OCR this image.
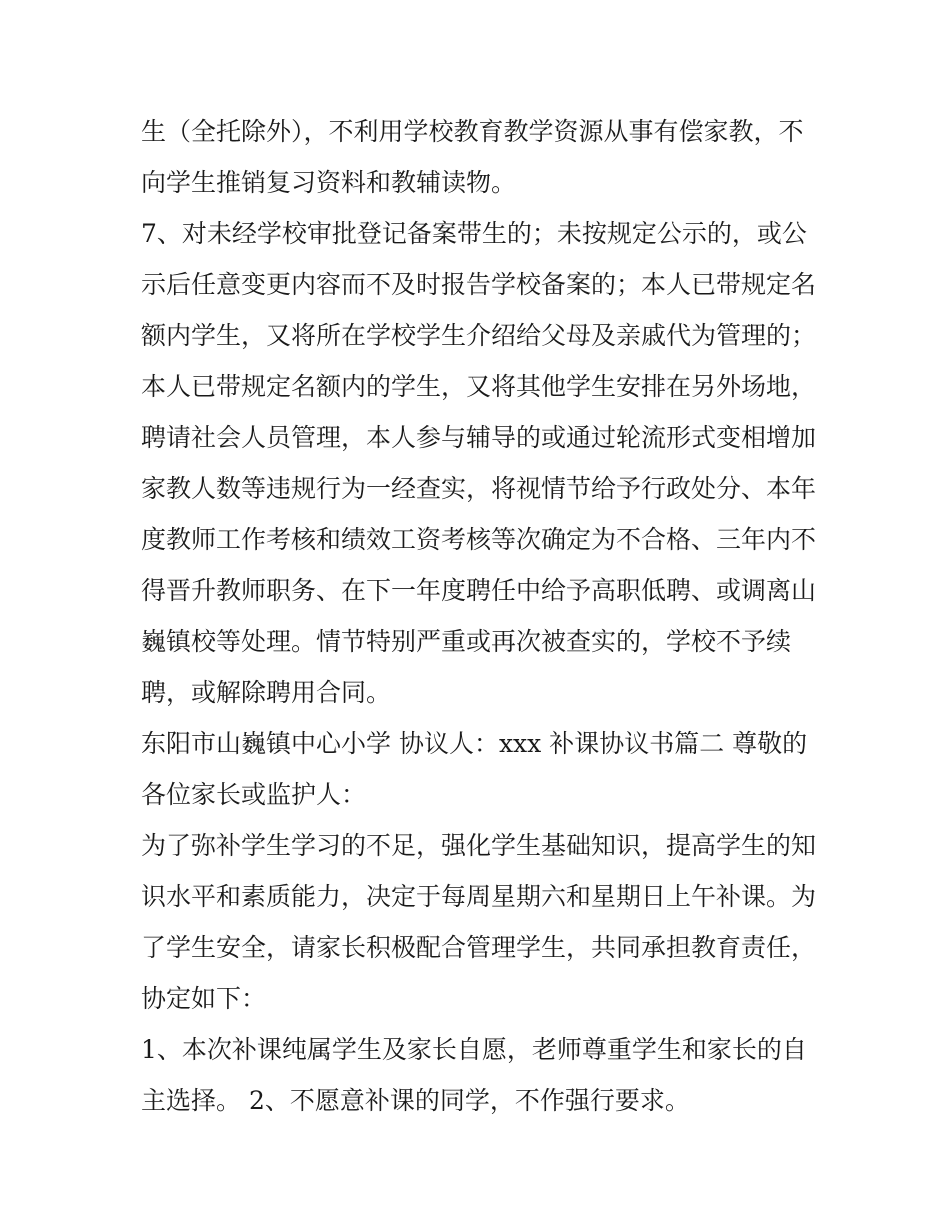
生（全托除外），不利用学校教育教学资源从事有偿家教，不
向学生推销复习资料和教辅读物。

7、对未经学校审批登记备案带生的；未按规定公示的，或公
示后任意变更内容而不及时报告学校备案的；本人已带规定名
额内学生，又将所在学校学生介绍给父母及亲戚代为管理的；
本人已带规定名额内的学生，又将其他学生安排在另外场地，
聘请社会人员管理，本人参与辅导的或通过轮流形式变相增加
家教人数等违规行为一经查实，将视情节给予行政处分、本年
度教师工作考核和绩效工资考核等次确定为不合格、三年内不
得晋升教师职务、在下一年度聘任中给予高职低聘、或调离山
巍镇校等处理。情节特别严重或再次被查实的，学校不予续
聘，或解除聘用合同。

东阳市山巍镇中心小学 协议人：xxx 补课协议书篇二 尊敬的
各位家长或监护人：

为了弥补学生学习的不足，强化学生基础知识，提高学生的知
识水平和素质能力，决定于每周星期六和星期日上午补课。为
了学生安全，请家长积极配合管理学生，共同承担教育责任，
协定如下：

1、本次补课纯属学生及家长自愿，老师尊重学生和家长的自
主选择。 2、不愿意补课的同学，不作强行要求。
